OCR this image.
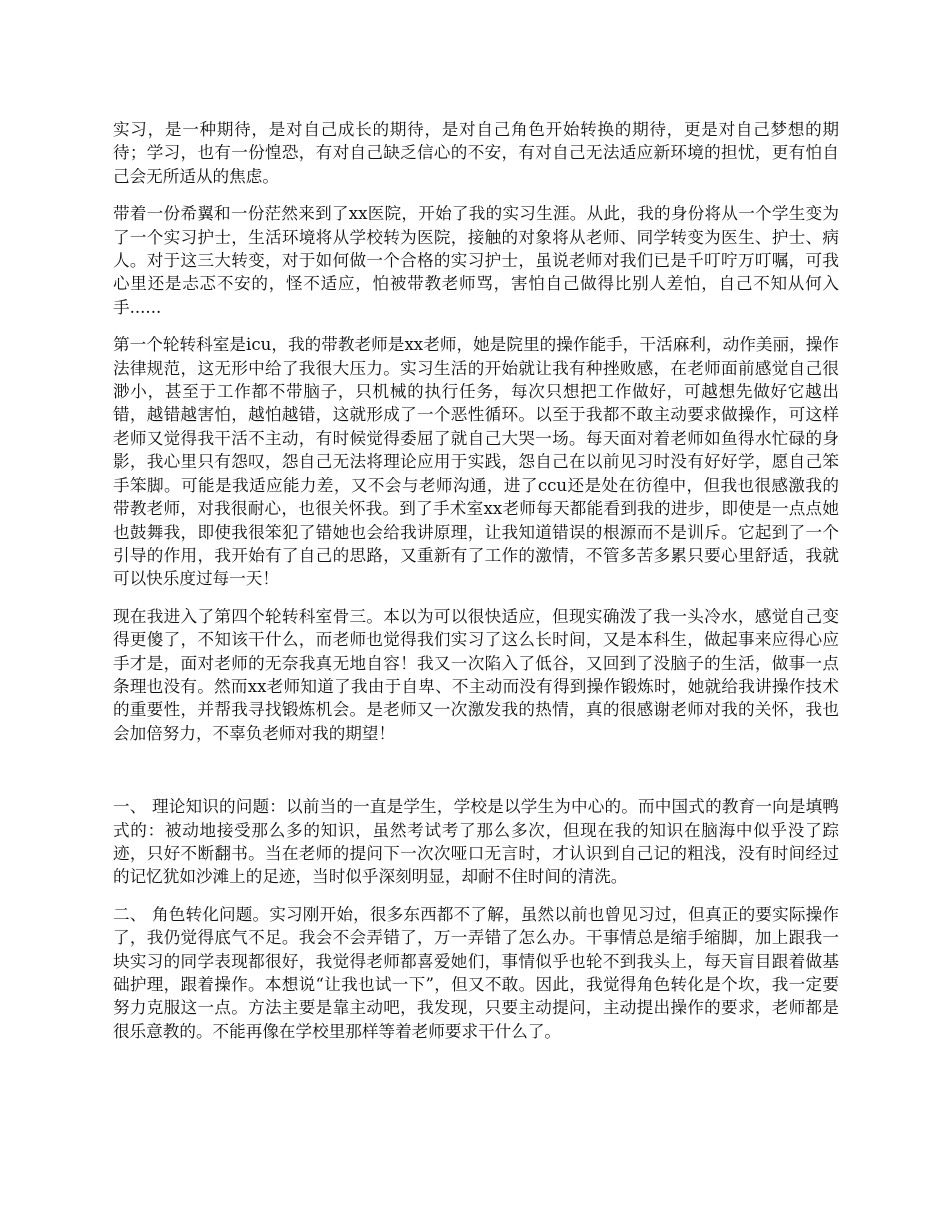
实习，是一种期待，是对自己成长的期待，是对自己角色开始转换的期待，更是对自己梦想的期待；学习，也有一份惶恐，有对自己缺乏信心的不安，有对自己无法适应新环境的担忧，更有怕自己会无所适从的焦虑。

带着一份希翼和一份茫然来到了xx医院，开始了我的实习生涯。从此，我的身份将从一个学生变为了一个实习护士，生活环境将从学校转为医院，接触的对象将从老师、同学转变为医生、护士、病人。对于这三大转变，对于如何做一个合格的实习护士，虽说老师对我们已是千叮咛万叮嘱，可我心里还是忐忑不安的，怪不适应，怕被带教老师骂，害怕自己做得比别人差怕，自己不知从何入手......

第一个轮转科室是icu，我的带教老师是xx老师，她是院里的操作能手，干活麻利，动作美丽，操作法律规范，这无形中给了我很大压力。实习生活的开始就让我有种挫败感，在老师面前感觉自己很渺小，甚至于工作都不带脑子，只机械的执行任务，每次只想把工作做好，可越想先做好它越出错，越错越害怕，越怕越错，这就形成了一个恶性循环。以至于我都不敢主动要求做操作，可这样老师又觉得我干活不主动，有时候觉得委屈了就自己大哭一场。每天面对着老师如鱼得水忙碌的身影，我心里只有怨叹，怨自己无法将理论应用于实践，怨自己在以前见习时没有好好学，愿自己笨手笨脚。可能是我适应能力差，又不会与老师沟通，进了ccu还是处在彷徨中，但我也很感激我的带教老师，对我很耐心，也很关怀我。到了手术室xx老师每天都能看到我的进步，即使是一点点她也鼓舞我，即使我很笨犯了错她也会给我讲原理，让我知道错误的根源而不是训斥。它起到了一个引导的作用，我开始有了自己的思路，又重新有了工作的激情，不管多苦多累只要心里舒适，我就可以快乐度过每一天！

现在我进入了第四个轮转科室骨三。本以为可以很快适应，但现实确泼了我一头冷水，感觉自己变得更傻了，不知该干什么，而老师也觉得我们实习了这么长时间，又是本科生，做起事来应得心应手才是，面对老师的无奈我真无地自容！我又一次陷入了低谷，又回到了没脑子的生活，做事一点条理也没有。然而xx老师知道了我由于自卑、不主动而没有得到操作锻炼时，她就给我讲操作技术的重要性，并帮我寻找锻炼机会。是老师又一次激发我的热情，真的很感谢老师对我的关怀，我也会加倍努力，不辜负老师对我的期望！

一、 理论知识的问题：以前当的一直是学生，学校是以学生为中心的。而中国式的教育一向是填鸭式的：被动地接受那么多的知识，虽然考试考了那么多次，但现在我的知识在脑海中似乎没了踪迹，只好不断翻书。当在老师的提问下一次次哑口无言时，才认识到自己记的粗浅，没有时间经过的记忆犹如沙滩上的足迹，当时似乎深刻明显，却耐不住时间的清洗。

二、 角色转化问题。实习刚开始，很多东西都不了解，虽然以前也曾见习过，但真正的要实际操作了，我仍觉得底气不足。我会不会弄错了，万一弄错了怎么办。干事情总是缩手缩脚，加上跟我一块实习的同学表现都很好，我觉得老师都喜爱她们，事情似乎也轮不到我头上，每天盲目跟着做基础护理，跟着操作。本想说“让我也试一下”，但又不敢。因此，我觉得角色转化是个坎，我一定要努力克服这一点。方法主要是靠主动吧，我发现，只要主动提问，主动提出操作的要求，老师都是很乐意教的。不能再像在学校里那样等着老师要求干什么了。
